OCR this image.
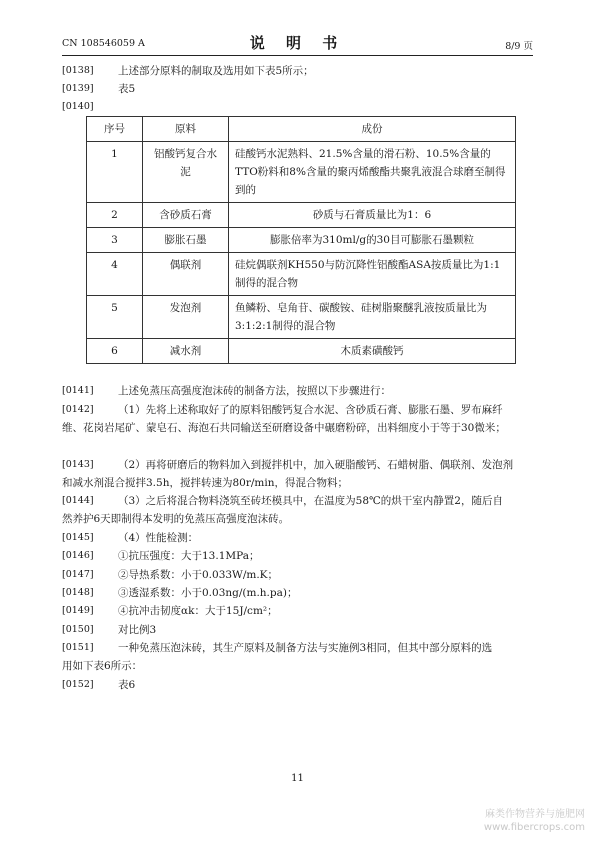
CN 108546059 A	说 明 书	8/9 页
[0138] 上述部分原料的制取及选用如下表5所示；
[0139] 表5
[0140]
序号	原料	成份
1	铝酸钙复合水泥	硅酸钙水泥熟料、21.5%含量的滑石粉、10.5%含量的TTO粉料和8%含量的聚丙烯酸酯共聚乳液混合球磨至制得到的
2	含砂质石膏	砂质与石膏质量比为1：6
3	膨胀石墨	膨胀倍率为310ml/g的30目可膨胀石墨颗粒
4	偶联剂	硅烷偶联剂KH550与防沉降性铝酸酯ASA按质量比为1:1制得的混合物
5	发泡剂	鱼鳞粉、皂角苷、碳酸铵、硅树脂聚醚乳液按质量比为3:1:2:1制得的混合物
6	减水剂	木质素磺酸钙
[0141] 上述免蒸压高强度泡沫砖的制备方法，按照以下步骤进行：
[0142] （1）先将上述称取好了的原料铝酸钙复合水泥、含砂质石膏、膨胀石墨、罗布麻纤
维、花岗岩尾矿、蒙皂石、海泡石共同输送至研磨设备中碾磨粉碎，出料细度小于等于30微米；
[0143] （2）再将研磨后的物料加入到搅拌机中，加入硬脂酸钙、石蜡树脂、偶联剂、发泡剂
和减水剂混合搅拌3.5h，搅拌转速为80r/min，得混合物料；
[0144] （3）之后将混合物料浇筑至砖坯模具中，在温度为58℃的烘干室内静置2，随后自
然养护6天即制得本发明的免蒸压高强度泡沫砖。
[0145] （4）性能检测：
[0146] ①抗压强度：大于13.1MPa；
[0147] ②导热系数：小于0.033W/m.K；
[0148] ③透湿系数：小于0.03ng/(m.h.pa)；
[0149] ④抗冲击韧度αk：大于15J/cm²；
[0150] 对比例3
[0151] 一种免蒸压泡沫砖，其生产原料及制备方法与实施例3相同，但其中部分原料的选
用如下表6所示：
[0152] 表6
11
麻类作物营养与施肥网
www.fibercrops.com
